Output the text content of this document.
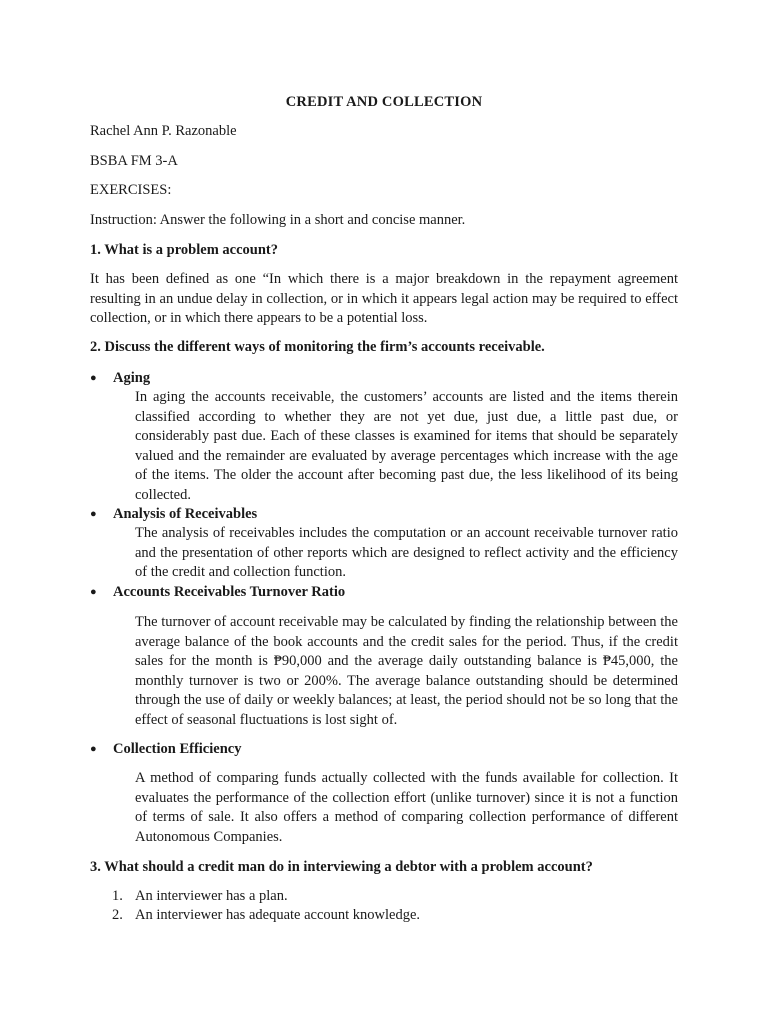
CREDIT AND COLLECTION
Rachel Ann P. Razonable
BSBA FM 3-A
EXERCISES:
Instruction: Answer the following in a short and concise manner.
1. What is a problem account?
It has been defined as one “In which there is a major breakdown in the repayment agreement resulting in an undue delay in collection, or in which it appears legal action may be required to effect collection, or in which there appears to be a potential loss.
2. Discuss the different ways of monitoring the firm’s accounts receivable.
● Aging
In aging the accounts receivable, the customers’ accounts are listed and the items therein classified according to whether they are not yet due, just due, a little past due, or considerably past due. Each of these classes is examined for items that should be separately valued and the remainder are evaluated by average percentages which increase with the age of the items. The older the account after becoming past due, the less likelihood of its being collected.
● Analysis of Receivables
The analysis of receivables includes the computation or an account receivable turnover ratio and the presentation of other reports which are designed to reflect activity and the efficiency of the credit and collection function.
● Accounts Receivables Turnover Ratio
The turnover of account receivable may be calculated by finding the relationship between the average balance of the book accounts and the credit sales for the period. Thus, if the credit sales for the month is ₱90,000 and the average daily outstanding balance is ₱45,000, the monthly turnover is two or 200%. The average balance outstanding should be determined through the use of daily or weekly balances; at least, the period should not be so long that the effect of seasonal fluctuations is lost sight of.
● Collection Efficiency
A method of comparing funds actually collected with the funds available for collection. It evaluates the performance of the collection effort (unlike turnover) since it is not a function of terms of sale. It also offers a method of comparing collection performance of different Autonomous Companies.
3. What should a credit man do in interviewing a debtor with a problem account?
1. An interviewer has a plan.
2. An interviewer has adequate account knowledge.
